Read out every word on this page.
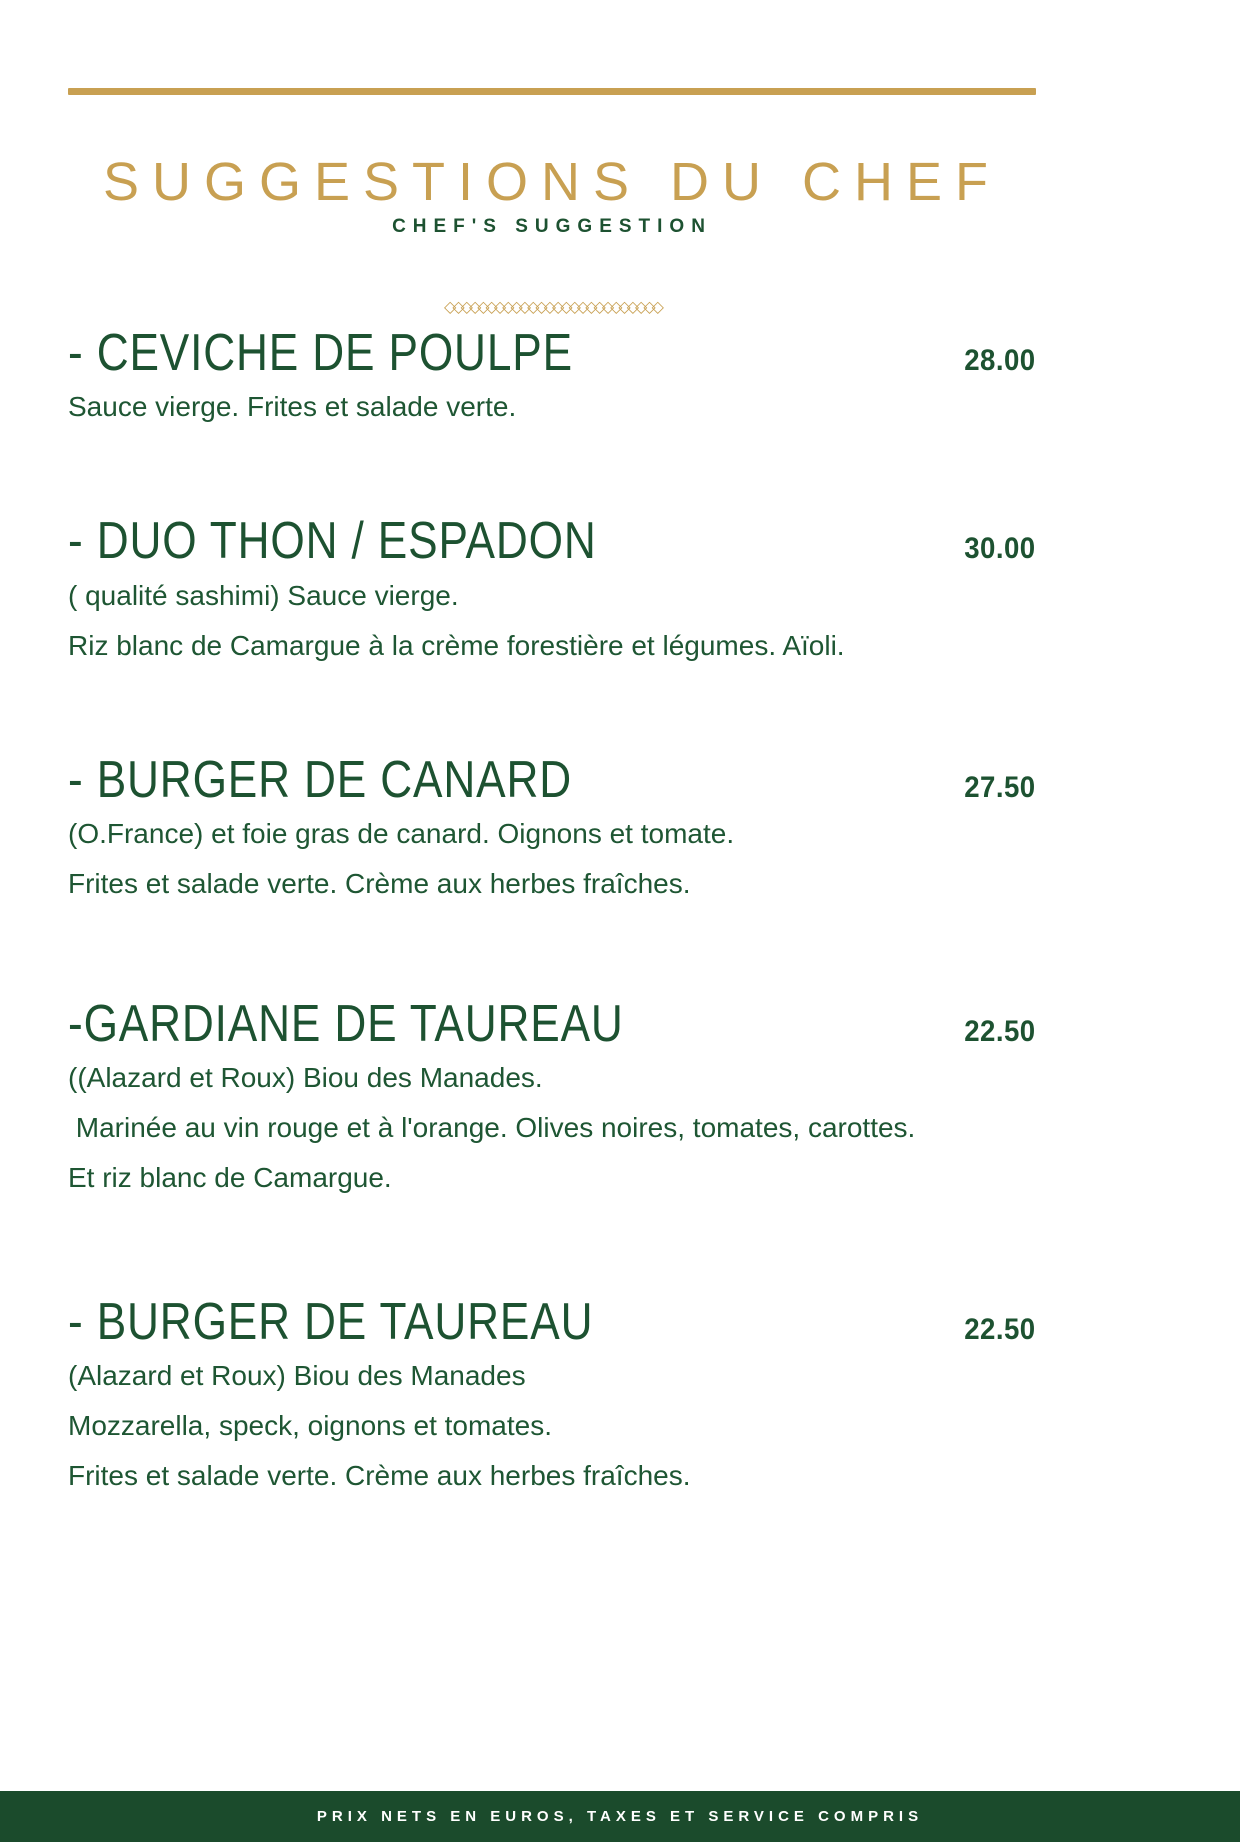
SUGGESTIONS DU CHEF
CHEF'S SUGGESTION
◇◇◇◇◇◇◇◇◇◇◇◇◇◇◇◇◇◇◇◇◇◇◇◇◇◇
- CEVICHE DE POULPE	28.00

Sauce vierge. Frites et salade verte.

- DUO THON / ESPADON	30.00

( qualité sashimi) Sauce vierge.

Riz blanc de Camargue à la crème forestière et légumes. Aïoli.

- BURGER DE CANARD	27.50

(O.France) et foie gras de canard. Oignons et tomate.

Frites et salade verte. Crème aux herbes fraîches.

-GARDIANE DE TAUREAU	22.50

((Alazard et Roux) Biou des Manades.

Marinée au vin rouge et à l'orange. Olives noires, tomates, carottes.

Et riz blanc de Camargue.

- BURGER DE TAUREAU	22.50

(Alazard et Roux) Biou des Manades

Mozzarella, speck, oignons et tomates.

Frites et salade verte. Crème aux herbes fraîches.

PRIX NETS EN EUROS, TAXES ET SERVICE COMPRIS
